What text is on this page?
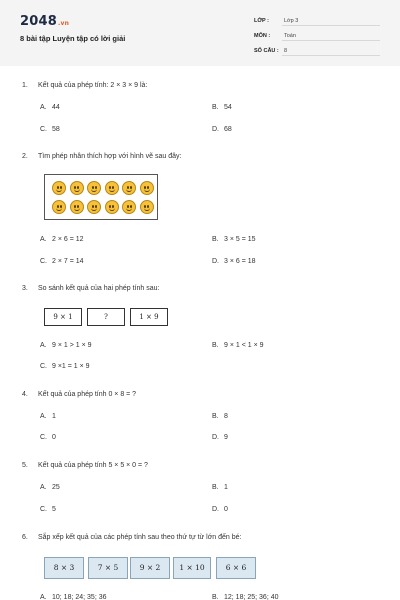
2048.vn
8 bài tập Luyện tập có lời giải
LỚP :	Lớp 3
MÔN :	Toán
SỐ CÂU : 8
1. Kết quả của phép tính: 2 × 3 × 9 là:
A. 44	B. 54
C. 58	D. 68
2. Tìm phép nhân thích hợp với hình vẽ sau đây:
A. 2 × 6 = 12	B. 3 × 5 = 15
C. 2 × 7 = 14	D. 3 × 6 = 18
3. So sánh kết quả của hai phép tính sau:
9 × 1	?	1 × 9
A. 9 × 1 > 1 × 9	B. 9 × 1 < 1 × 9
C. 9 ×1 = 1 × 9
4. Kết quả của phép tính 0 × 8 = ?
A. 1	B. 8
C. 0	D. 9
5. Kết quả của phép tính 5 × 5 × 0 = ?
A. 25	B. 1
C. 5	D. 0
6. Sắp xếp kết quả của các phép tính sau theo thứ tự từ lớn đến bé:
8 × 3	7 × 5	9 × 2	1 × 10	6 × 6
A. 10; 18; 24; 35; 36	B. 12; 18; 25; 36; 40
